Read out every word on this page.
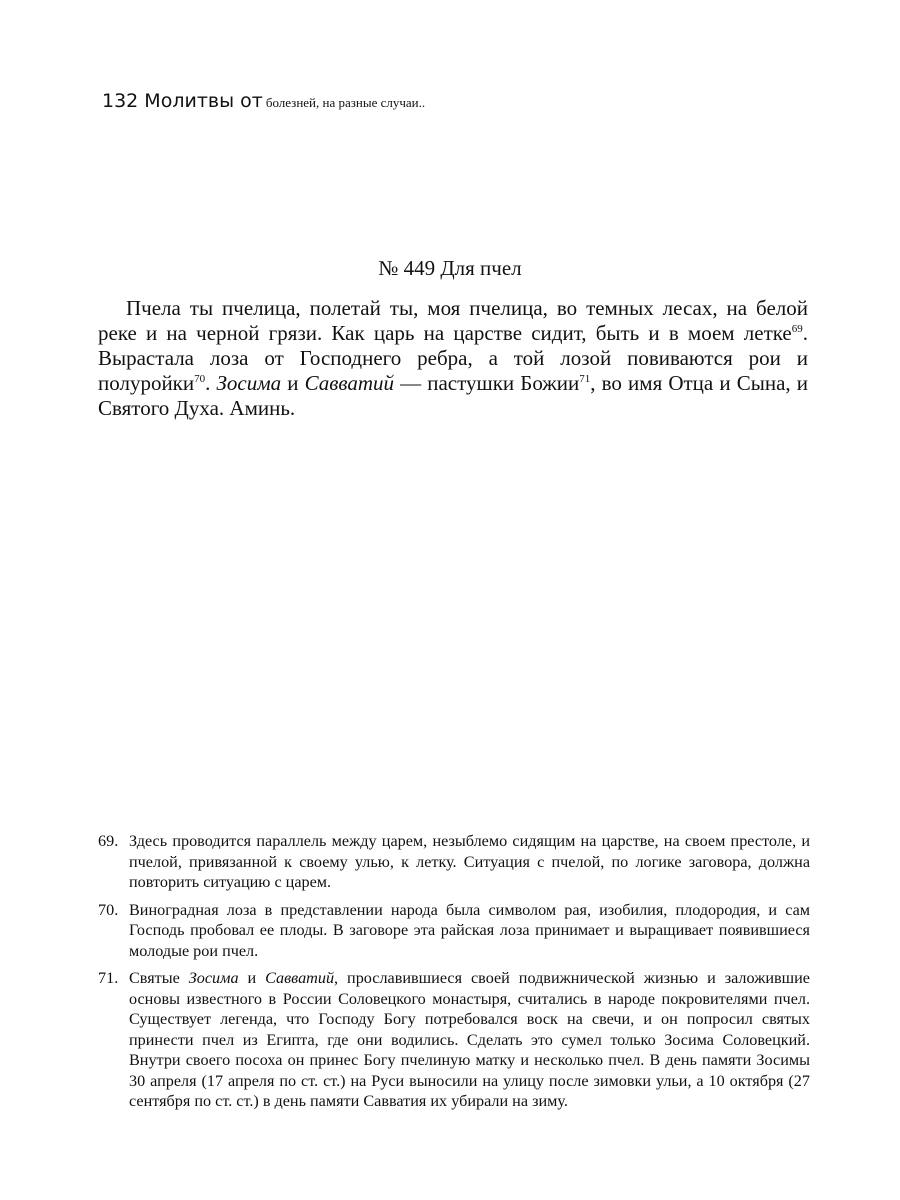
132 Молитвы от болезней, на разные случаи..
№ 449 Для пчел

Пчела ты пчелица, полетай ты, моя пчелица, во темных лесах, на белой реке и на черной грязи. Как царь на царстве сидит, быть и в моем летке$^{69}$. Вырастала лоза от Господнего ребра, а той лозой повиваются рои и полуройки$^{70}$. Зосима и Савватий — пастушки Божии$^{71}$, во имя Отца и Сына, и Святого Духа. Аминь.

69. Здесь проводится параллель между царем, незыблемо сидящим на царстве, на своем престоле, и пчелой, привязанной к своему улью, к летку. Ситуация с пчелой, по логике заговора, должна повторить ситуацию с царем.
70. Виноградная лоза в представлении народа была символом рая, изобилия, плодородия, и сам Господь пробовал ее плоды. В заговоре эта райская лоза принимает и выращивает появившиеся молодые рои пчел.
71. Святые Зосима и Савватий, прославившиеся своей подвижнической жизнью и заложившие основы известного в России Соловецкого монастыря, считались в народе покровителями пчел. Существует легенда, что Господу Богу потребовался воск на свечи, и он попросил святых принести пчел из Египта, где они водились. Сделать это сумел только Зосима Соловецкий. Внутри своего посоха он принес Богу пчелиную матку и несколько пчел. В день памяти Зосимы 30 апреля (17 апреля по ст. ст.) на Руси выносили на улицу после зимовки ульи, а 10 октября (27 сентября по ст. ст.) в день памяти Савватия их убирали на зиму.
